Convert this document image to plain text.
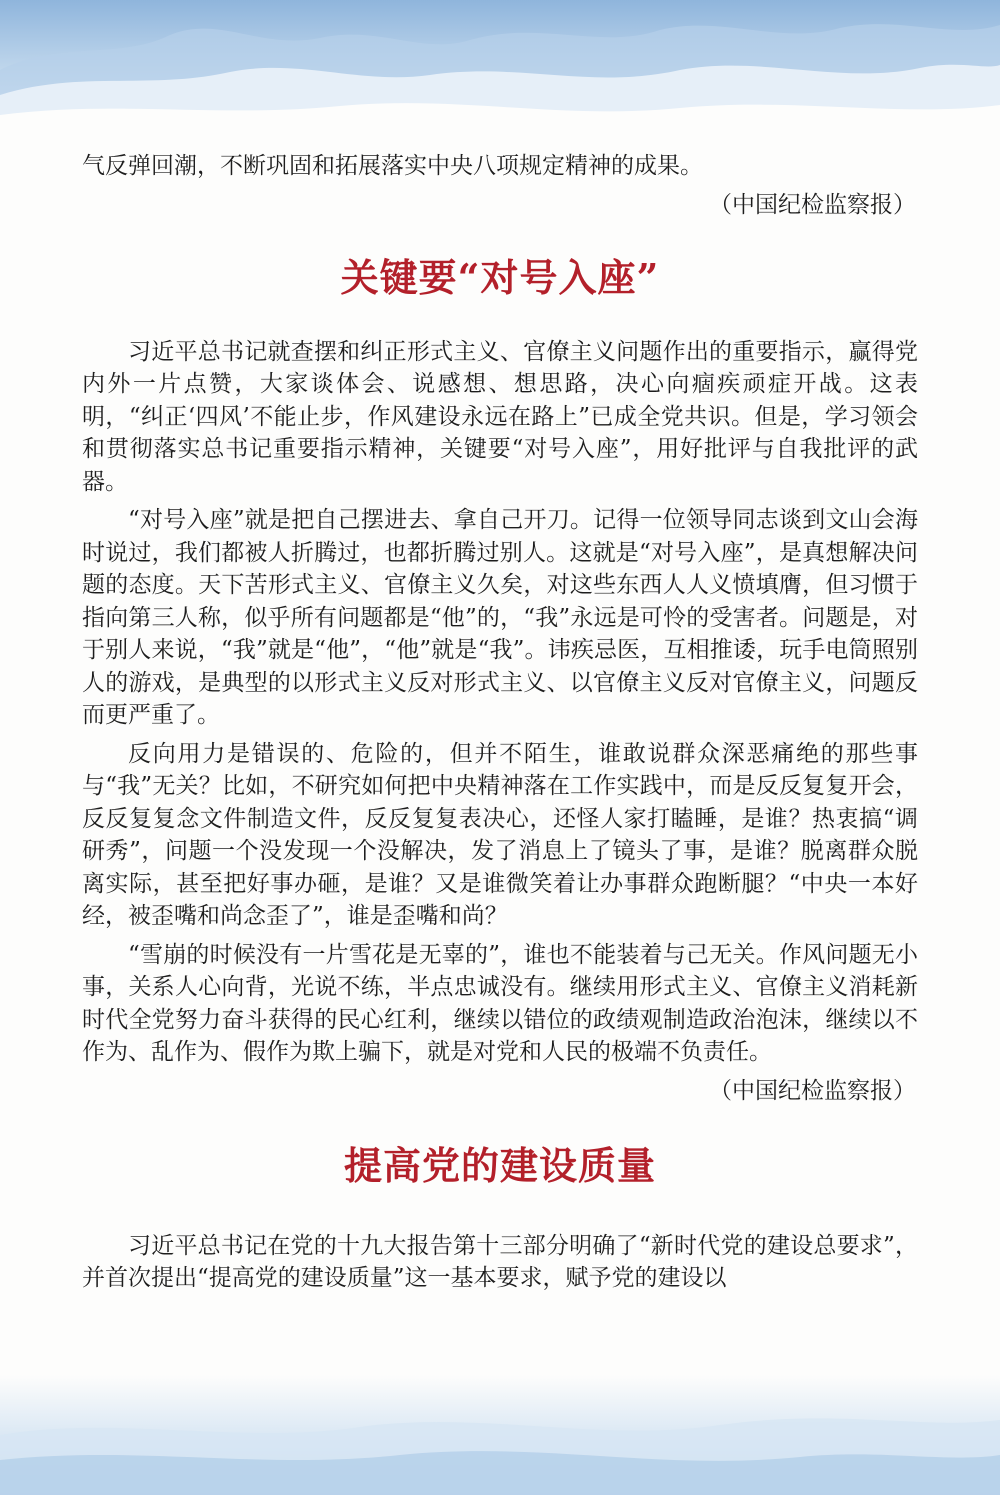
气反弹回潮，不断巩固和拓展落实中央八项规定精神的成果。

（中国纪检监察报）

关键要“对号入座”

习近平总书记就查摆和纠正形式主义、官僚主义问题作出的重要指示，赢得党内外一片点赞，大家谈体会、说感想、想思路，决心向痼疾顽症开战。这表明，“纠正‘四风’不能止步，作风建设永远在路上”已成全党共识。但是，学习领会和贯彻落实总书记重要指示精神，关键要“对号入座”，用好批评与自我批评的武器。

“对号入座”就是把自己摆进去、拿自己开刀。记得一位领导同志谈到文山会海时说过，我们都被人折腾过，也都折腾过别人。这就是“对号入座”，是真想解决问题的态度。天下苦形式主义、官僚主义久矣，对这些东西人人义愤填膺，但习惯于指向第三人称，似乎所有问题都是“他”的，“我”永远是可怜的受害者。问题是，对于别人来说，“我”就是“他”，“他”就是“我”。讳疾忌医，互相推诿，玩手电筒照别人的游戏，是典型的以形式主义反对形式主义、以官僚主义反对官僚主义，问题反而更严重了。

反向用力是错误的、危险的，但并不陌生，谁敢说群众深恶痛绝的那些事与“我”无关？比如，不研究如何把中央精神落在工作实践中，而是反反复复开会，反反复复念文件制造文件，反反复复表决心，还怪人家打瞌睡，是谁？热衷搞“调研秀”，问题一个没发现一个没解决，发了消息上了镜头了事，是谁？脱离群众脱离实际，甚至把好事办砸，是谁？又是谁微笑着让办事群众跑断腿？“中央一本好经，被歪嘴和尚念歪了”，谁是歪嘴和尚？

“雪崩的时候没有一片雪花是无辜的”，谁也不能装着与己无关。作风问题无小事，关系人心向背，光说不练，半点忠诚没有。继续用形式主义、官僚主义消耗新时代全党努力奋斗获得的民心红利，继续以错位的政绩观制造政治泡沫，继续以不作为、乱作为、假作为欺上骗下，就是对党和人民的极端不负责任。

（中国纪检监察报）

提高党的建设质量

习近平总书记在党的十九大报告第十三部分明确了“新时代党的建设总要求”，并首次提出“提高党的建设质量”这一基本要求，赋予党的建设以
